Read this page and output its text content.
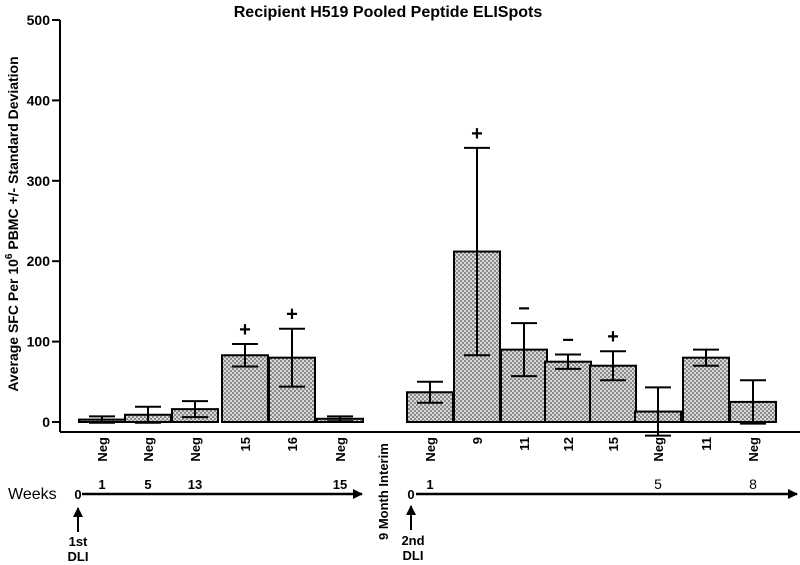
Recipient H519 Pooled Peptide ELISpots
Average SFC Per $10^6$ PBMC +/- Standard Deviation
0
100
200
300
400
500
+
+
+
−
− +
Neg Neg Neg	15 16	Neg	Neg 9 11 12 15 Neg	11 Neg
1	5	13	15	1	5	8
Weeks 0	0
1st
DLI
2nd
DLI
9 Month Interim
